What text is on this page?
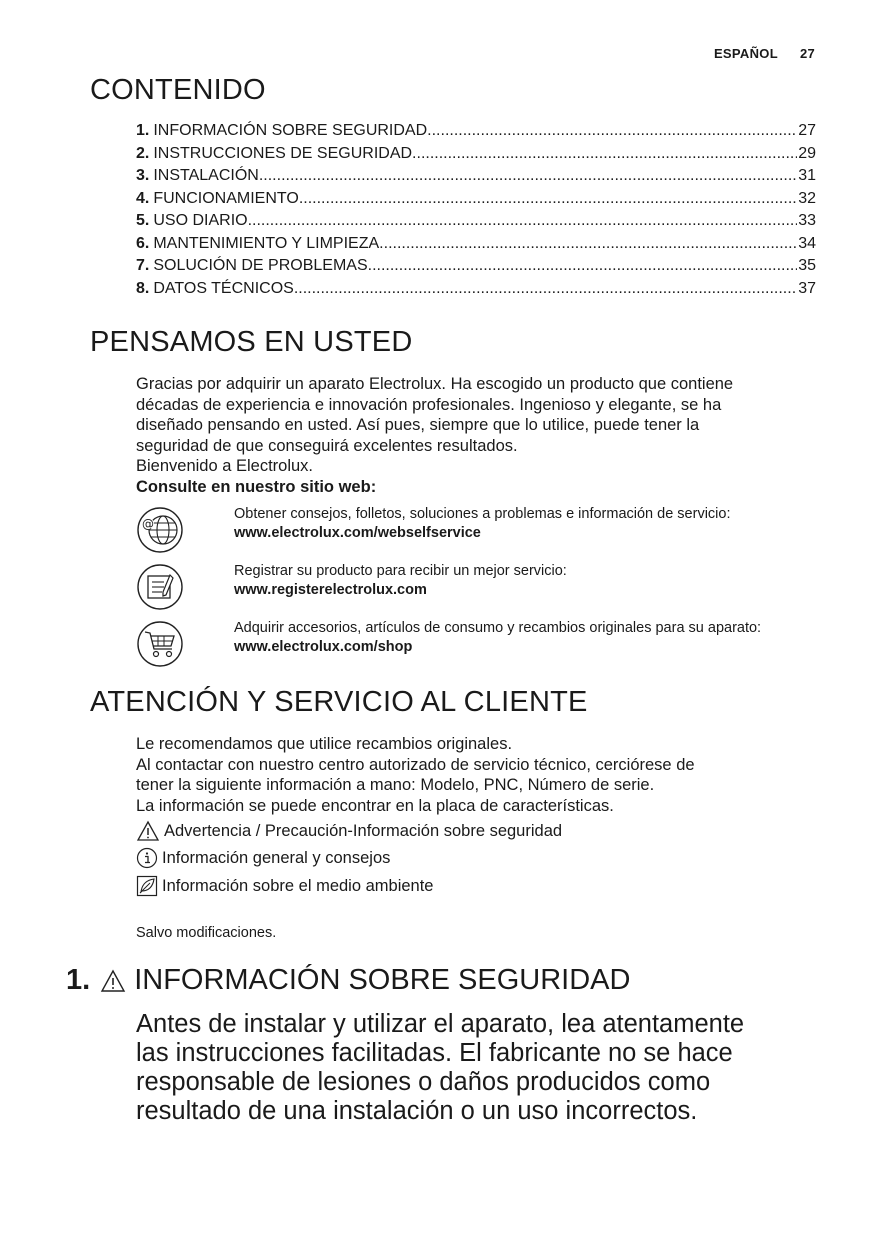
ESPAÑOL 27
CONTENIDO
1. INFORMACIÓN SOBRE SEGURIDAD .....	27
2. INSTRUCCIONES DE SEGURIDAD .....	29
3. INSTALACIÓN .....	31
4. FUNCIONAMIENTO .....	32
5. USO DIARIO .....	33
6. MANTENIMIENTO Y LIMPIEZA .....	34
7. SOLUCIÓN DE PROBLEMAS .....	35
8. DATOS TÉCNICOS .....	37
PENSAMOS EN USTED
Gracias por adquirir un aparato Electrolux. Ha escogido un producto que contiene
décadas de experiencia e innovación profesionales. Ingenioso y elegante, se ha
diseñado pensando en usted. Así pues, siempre que lo utilice, puede tener la
seguridad de que conseguirá excelentes resultados.
Bienvenido a Electrolux.
Consulte en nuestro sitio web:
@
Obtener consejos, folletos, soluciones a problemas e información de servicio:
www.electrolux.com/webselfservice
Registrar su producto para recibir un mejor servicio:
www.registerelectrolux.com
Adquirir accesorios, artículos de consumo y recambios originales para su aparato:
www.electrolux.com/shop
ATENCIÓN Y SERVICIO AL CLIENTE
Le recomendamos que utilice recambios originales.
Al contactar con nuestro centro autorizado de servicio técnico, cerciórese de
tener la siguiente información a mano: Modelo, PNC, Número de serie.
La información se puede encontrar en la placa de características.
Advertencia / Precaución-Información sobre seguridad
Información general y consejos
Información sobre el medio ambiente
Salvo modificaciones.
1. INFORMACIÓN SOBRE SEGURIDAD
Antes de instalar y utilizar el aparato, lea atentamente
las instrucciones facilitadas. El fabricante no se hace
responsable de lesiones o daños producidos como
resultado de una instalación o un uso incorrectos.
